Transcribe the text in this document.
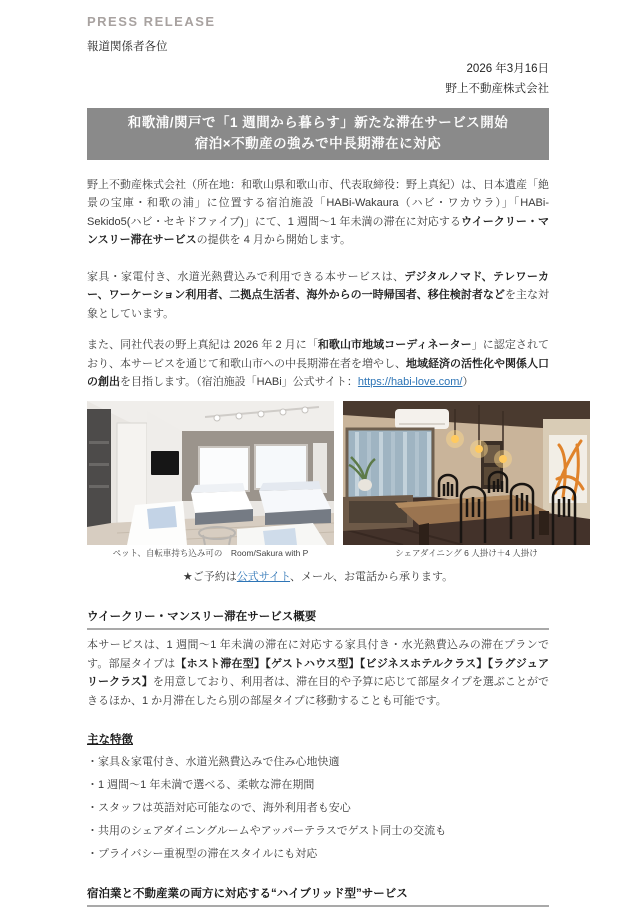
PRESS RELEASE
報道関係者各位
2026 年3月16日
野上不動産株式会社
和歌浦/関戸で「1 週間から暮らす」新たな滞在サービス開始
宿泊×不動産の強みで中長期滞在に対応

野上不動産株式会社（所在地：和歌山県和歌山市、代表取締役：野上真紀）は、日本遺産「絶景の宝庫・和歌の浦」に位置する宿泊施設「HABi-Wakaura（ハビ・ワカウラ）」「HABi-Sekido5(ハビ・セキドファイブ)」にて、1 週間～1 年未満の滞在に対応するウイークリー・マンスリー滞在サービスの提供を 4 月から開始します。

家具・家電付き、水道光熱費込みで利用できる本サービスは、デジタルノマド、テレワーカー、ワーケーション利用者、二拠点生活者、海外からの一時帰国者、移住検討者などを主な対象としています。

また、同社代表の野上真紀は 2026 年 2 月に「和歌山市地域コーディネーター」に認定されており、本サービスを通じて和歌山市への中長期滞在者を増やし、地域経済の活性化や関係人口の創出を目指します。（宿泊施設「HABi」公式サイト：https://habi-love.com/）

ペット、自転車持ち込み可の　Room/Sakura with P	シェアダイニング 6 人掛け＋4 人掛け
★ご予約は公式サイト、メール、お電話から承ります。
ウイークリー・マンスリー滞在サービス概要

本サービスは、1 週間～1 年未満の滞在に対応する家具付き・水光熱費込みの滞在プランです。部屋タイプは【ホスト滞在型】【ゲストハウス型】【ビジネスホテルクラス】【ラグジュアリークラス】を用意しており、利用者は、滞在目的や予算に応じて部屋タイプを選ぶことができるほか、1 か月滞在したら別の部屋タイプに移動することも可能です。

主な特徴
・家具＆家電付き、水道光熱費込みで住み心地快適
・1 週間～1 年未満で選べる、柔軟な滞在期間
・スタッフは英語対応可能なので、海外利用者も安心
・共用のシェアダイニングルームやアッパーテラスでゲスト同士の交流も
・プライバシー重視型の滞在スタイルにも対応
宿泊業と不動産業の両方に対応する“ハイブリッド型”サービス
